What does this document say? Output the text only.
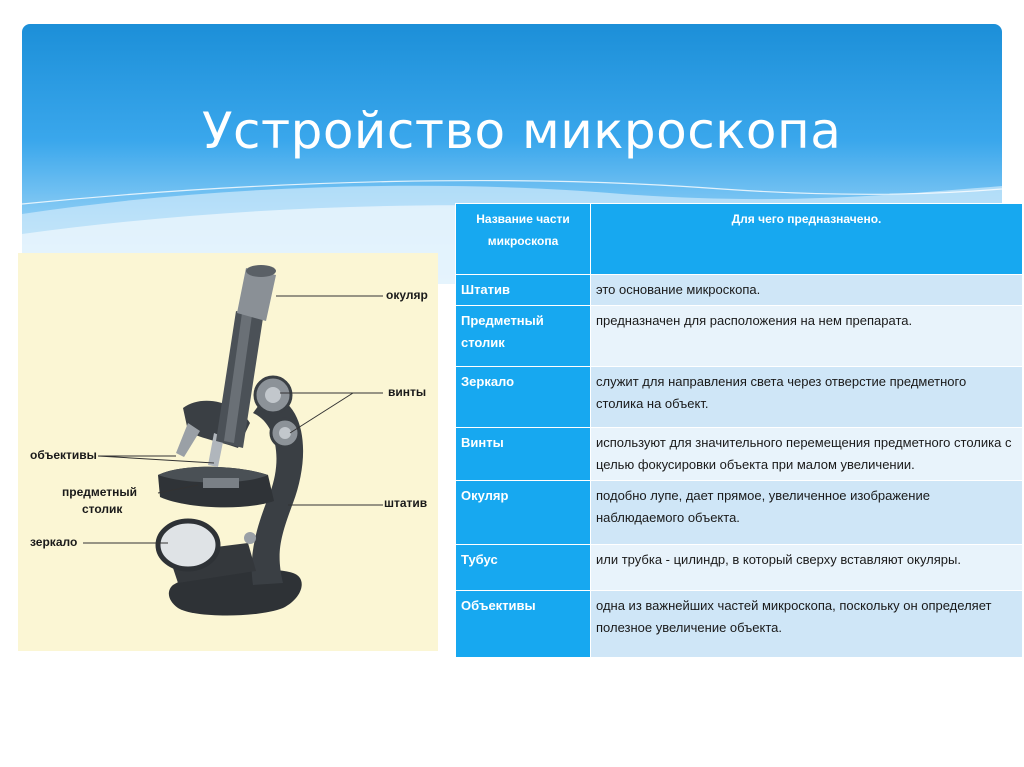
Устройство микроскопа
окуляр
винты
объективы
предметный
столик	штатив
зеркало
Название части микроскопа	Для чего предназначено.
Штатив	это основание микроскопа.
Предметный столик	предназначен для расположения на нем препарата.
Зеркало	служит для направления света через отверстие предметного столика на объект.
Винты	используют для значительного перемещения предметного столика с целью фокусировки объекта при малом увеличении.
Окуляр	подобно лупе, дает прямое, увеличенное изображение наблюдаемого объекта.
Тубус	или трубка - цилиндр, в который сверху вставляют окуляры.
Объективы	одна из важнейших частей микроскопа, поскольку он определяет полезное увеличение объекта.
